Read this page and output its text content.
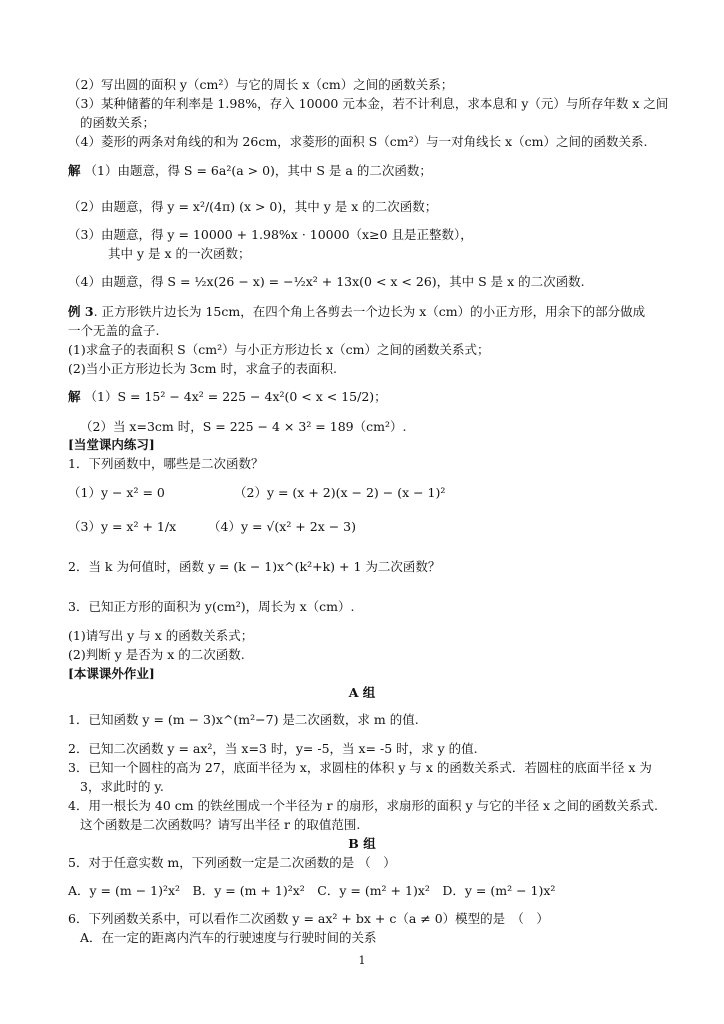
（2）写出圆的面积 y（cm²）与它的周长 x（cm）之间的函数关系；
（3）某种储蓄的年利率是 1.98%，存入 10000 元本金，若不计利息，求本息和 y（元）与所存年数 x 之间
的函数关系；
（4）菱形的两条对角线的和为 26cm，求菱形的面积 S（cm²）与一对角线长 x（cm）之间的函数关系.
解 （1）由题意，得 S = 6a²(a > 0)，其中 S 是 a 的二次函数；
（2）由题意，得 y = x²/(4π) (x > 0)，其中 y 是 x 的二次函数；
（3）由题意，得 y = 10000 + 1.98%x · 10000（x≥0 且是正整数），
其中 y 是 x 的一次函数；
（4）由题意，得 S = ½x(26 − x) = −½x² + 13x(0 < x < 26)，其中 S 是 x 的二次函数.
例 3. 正方形铁片边长为 15cm，在四个角上各剪去一个边长为 x（cm）的小正方形，用余下的部分做成
一个无盖的盒子.
(1)求盒子的表面积 S（cm²）与小正方形边长 x（cm）之间的函数关系式；
(2)当小正方形边长为 3cm 时，求盒子的表面积.
解 （1）S = 15² − 4x² = 225 − 4x²(0 < x < 15/2)；
（2）当 x=3cm 时，S = 225 − 4 × 3² = 189（cm²）.
[当堂课内练习]
1．下列函数中，哪些是二次函数？
（1）y − x² = 0	（2）y = (x + 2)(x − 2) − (x − 1)²
（3）y = x² + 1/x	（4）y = √(x² + 2x − 3)
2．当 k 为何值时，函数 y = (k − 1)x^(k²+k) + 1 为二次函数？
3．已知正方形的面积为 y(cm²)，周长为 x（cm）.
(1)请写出 y 与 x 的函数关系式；
(2)判断 y 是否为 x 的二次函数.
[本课课外作业]
A 组
1．已知函数 y = (m − 3)x^(m²−7) 是二次函数，求 m 的值.
2．已知二次函数 y = ax²，当 x=3 时，y= -5，当 x= -5 时，求 y 的值.
3．已知一个圆柱的高为 27，底面半径为 x，求圆柱的体积 y 与 x 的函数关系式．若圆柱的底面半径 x 为
3，求此时的 y.
4．用一根长为 40 cm 的铁丝围成一个半径为 r 的扇形，求扇形的面积 y 与它的半径 x 之间的函数关系式.
这个函数是二次函数吗？请写出半径 r 的取值范围.
B 组
5．对于任意实数 m，下列函数一定是二次函数的是 （　）
A．y = (m − 1)²x²　B．y = (m + 1)²x²　C．y = (m² + 1)x²　D．y = (m² − 1)x²
6．下列函数关系中，可以看作二次函数 y = ax² + bx + c（a ≠ 0）模型的是　（　）
A．在一定的距离内汽车的行驶速度与行驶时间的关系
1
